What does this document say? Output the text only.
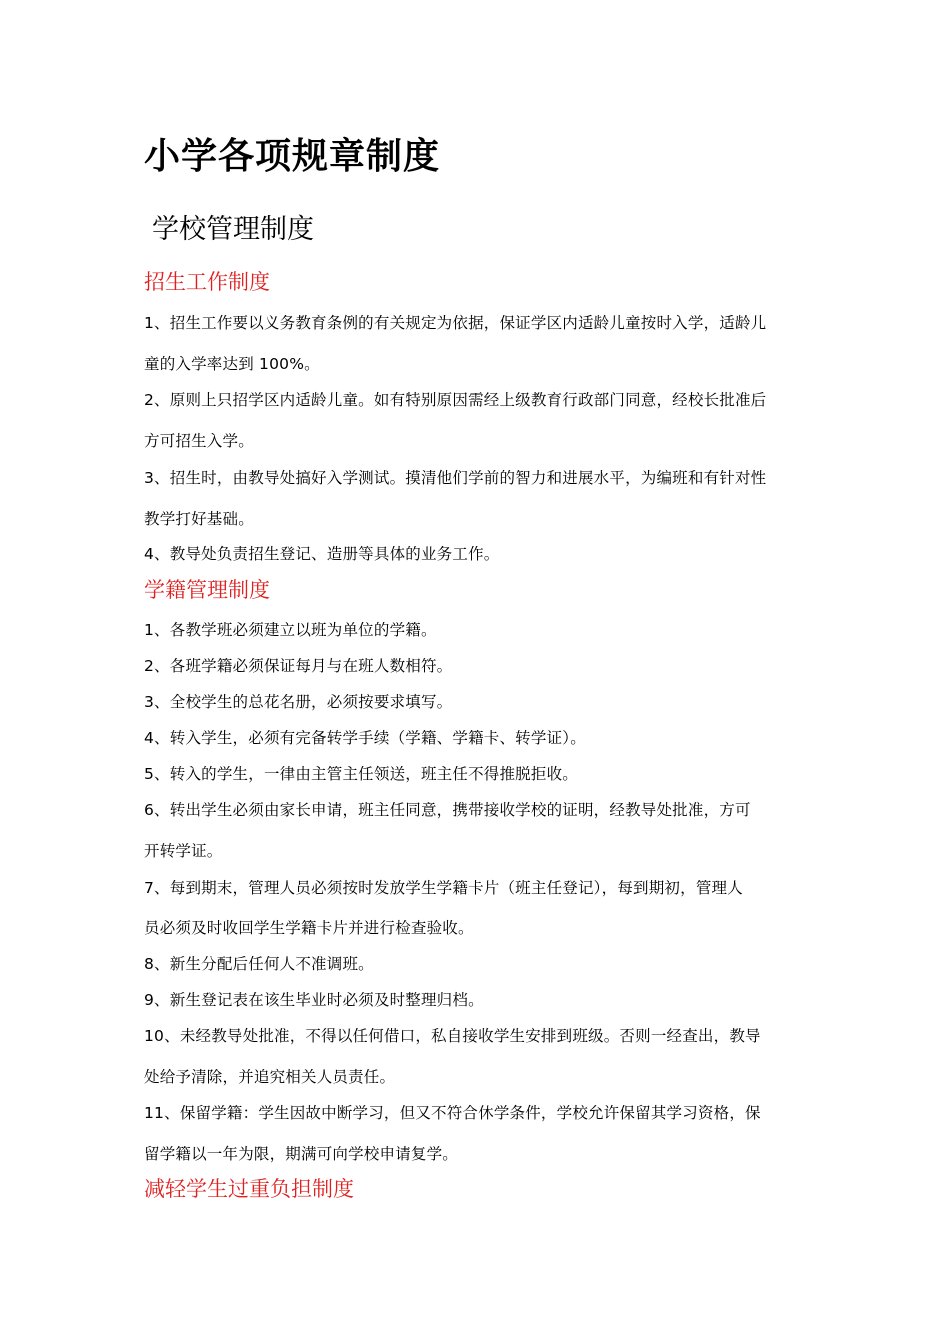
小学各项规章制度
学校管理制度
招生工作制度
1、招生工作要以义务教育条例的有关规定为依据，保证学区内适龄儿童按时入学，适龄儿
童的入学率达到 100%。
2、原则上只招学区内适龄儿童。如有特别原因需经上级教育行政部门同意，经校长批准后
方可招生入学。
3、招生时，由教导处搞好入学测试。摸清他们学前的智力和进展水平，为编班和有针对性
教学打好基础。
4、教导处负责招生登记、造册等具体的业务工作。
学籍管理制度
1、各教学班必须建立以班为单位的学籍。
2、各班学籍必须保证每月与在班人数相符。
3、全校学生的总花名册，必须按要求填写。
4、转入学生，必须有完备转学手续（学籍、学籍卡、转学证）。
5、转入的学生，一律由主管主任领送，班主任不得推脱拒收。
6、转出学生必须由家长申请，班主任同意，携带接收学校的证明，经教导处批准，方可
开转学证。
7、每到期末，管理人员必须按时发放学生学籍卡片（班主任登记），每到期初，管理人
员必须及时收回学生学籍卡片并进行检查验收。
8、新生分配后任何人不准调班。
9、新生登记表在该生毕业时必须及时整理归档。
10、未经教导处批准，不得以任何借口，私自接收学生安排到班级。否则一经查出，教导
处给予清除，并追究相关人员责任。
11、保留学籍：学生因故中断学习，但又不符合休学条件，学校允许保留其学习资格，保
留学籍以一年为限，期满可向学校申请复学。
减轻学生过重负担制度
